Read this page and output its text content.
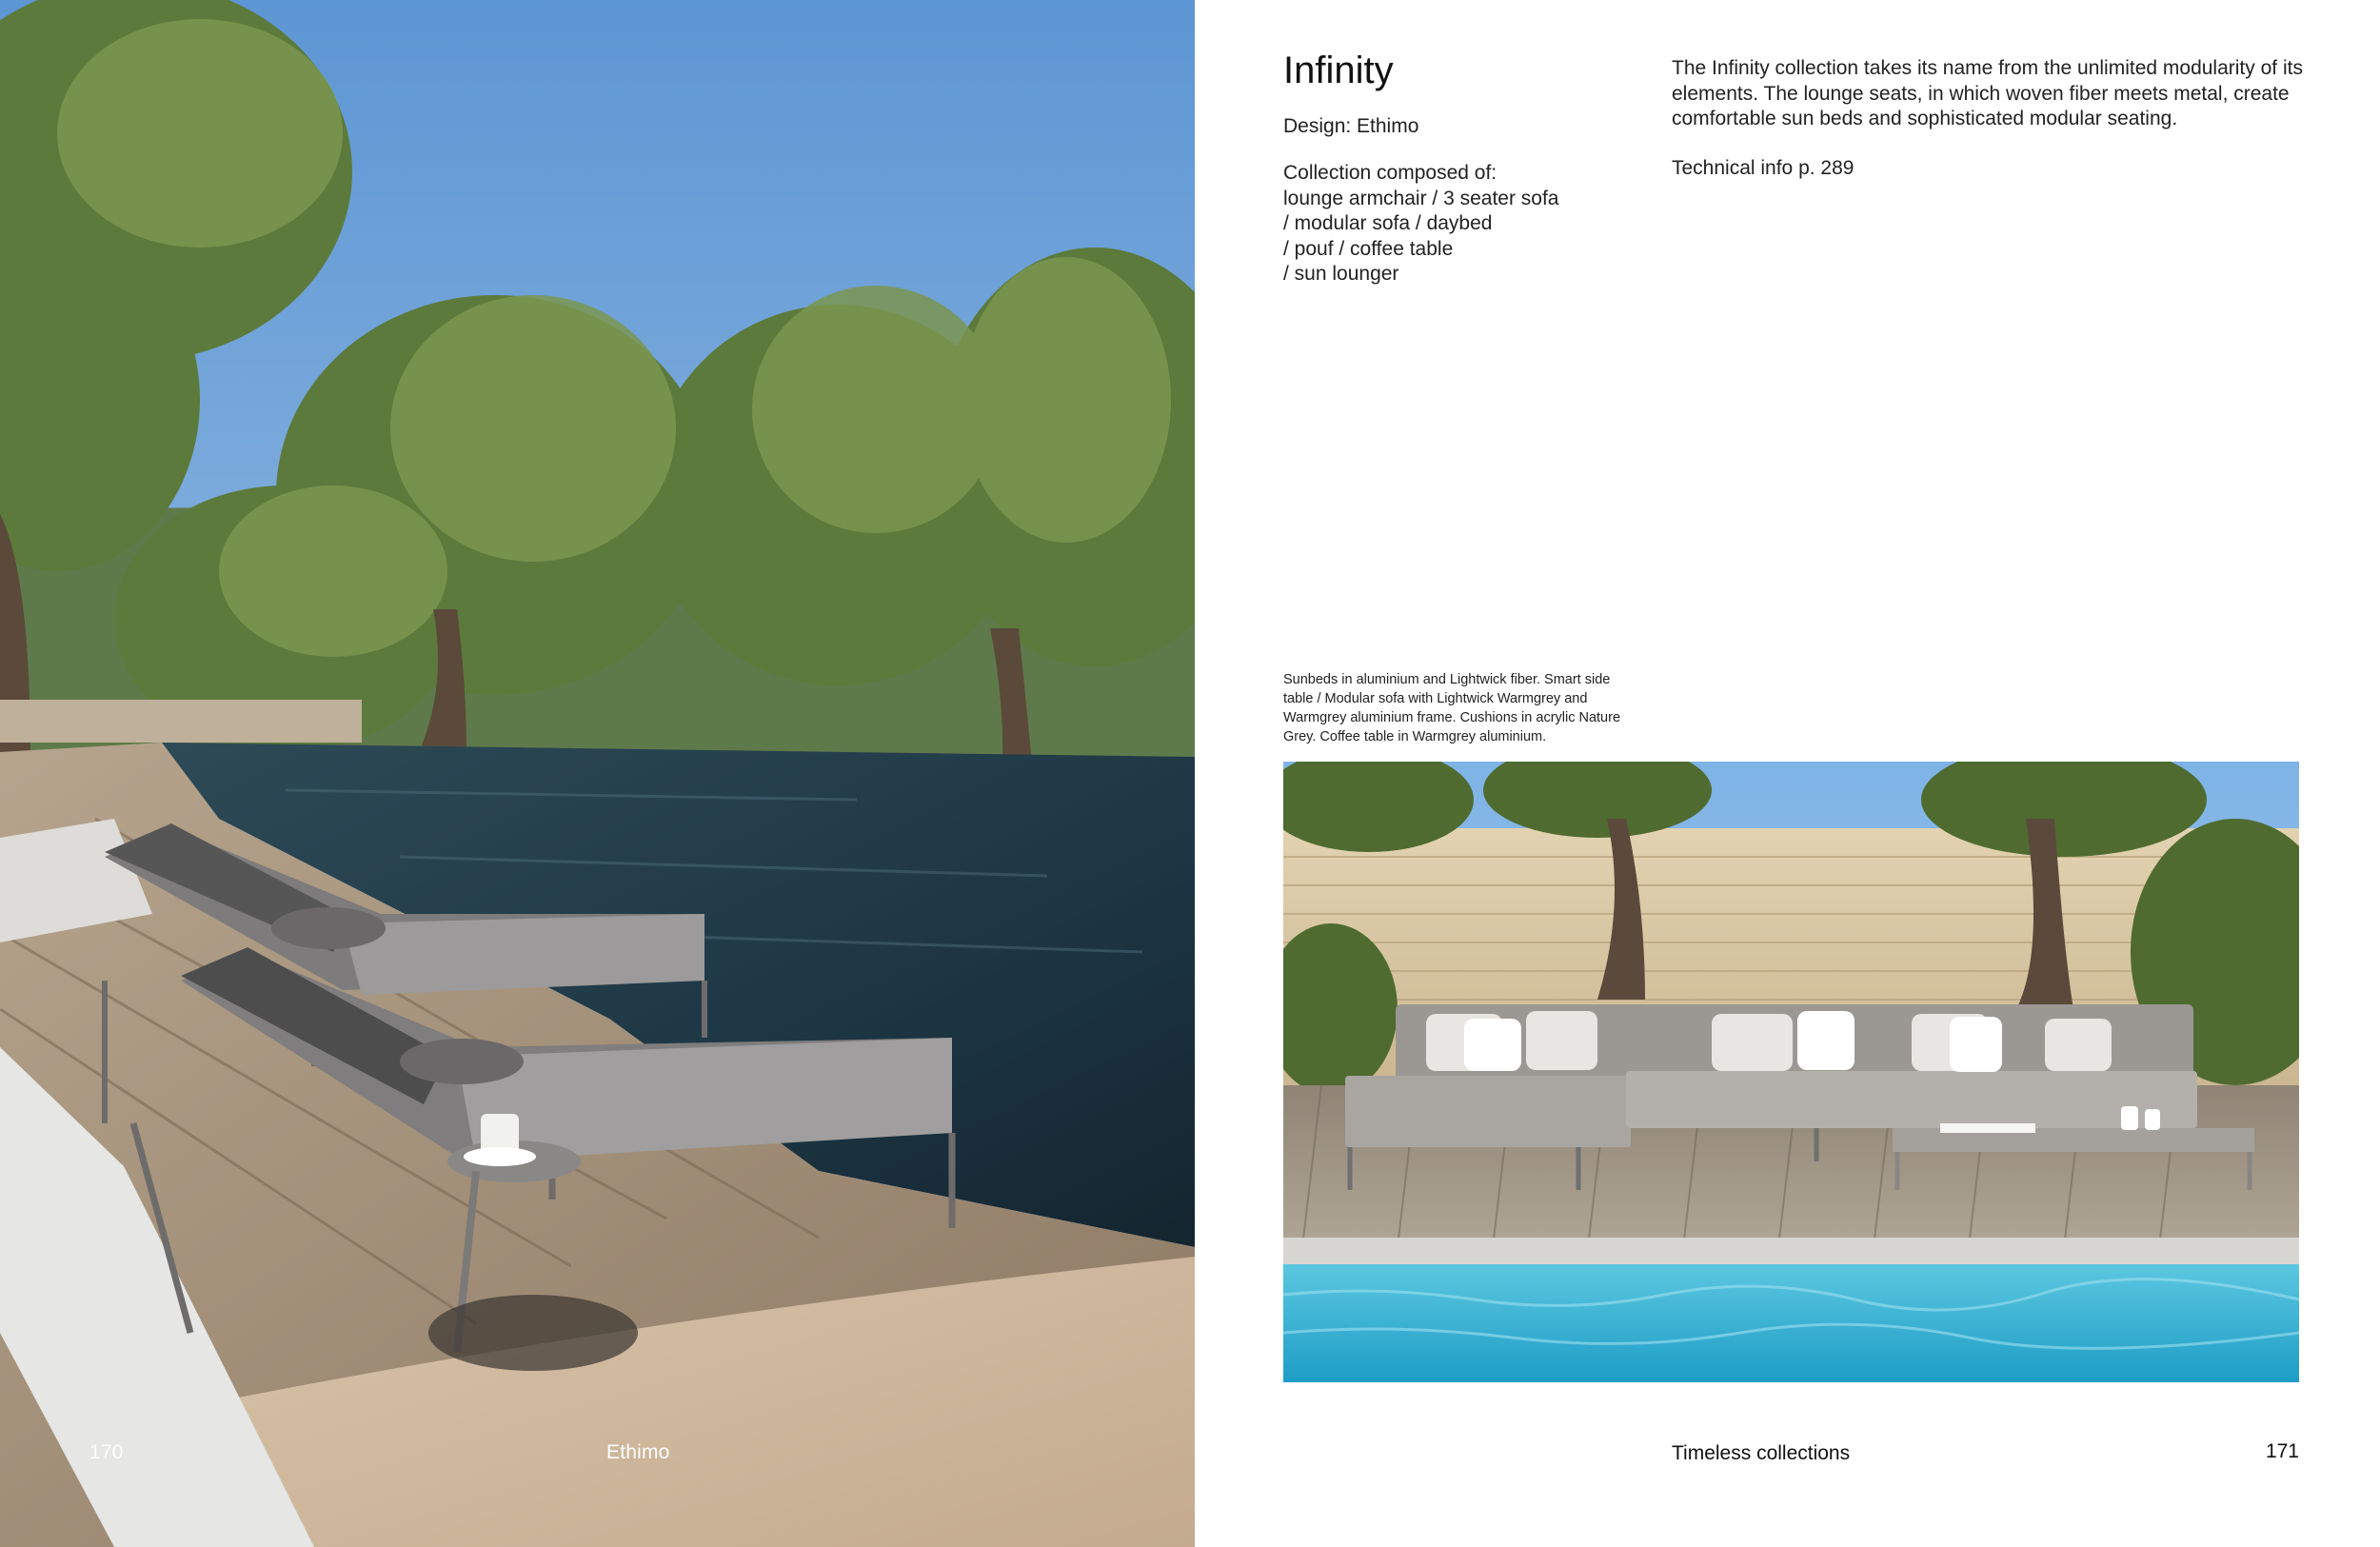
170	Ethimo
Infinity
Design: Ethimo
Collection composed of:
lounge armchair / 3 seater sofa
/ modular sofa / daybed
/ pouf / coffee table
/ sun lounger
The Infinity collection takes its name from the unlimited modularity of its
elements. The lounge seats, in which woven fiber meets metal, create
comfortable sun beds and sophisticated modular seating.
Technical info p. 289
Sunbeds in aluminium and Lightwick fiber. Smart side
table / Modular sofa with Lightwick Warmgrey and
Warmgrey aluminium frame. Cushions in acrylic Nature
Grey. Coffee table in Warmgrey aluminium.
Timeless collections	171
